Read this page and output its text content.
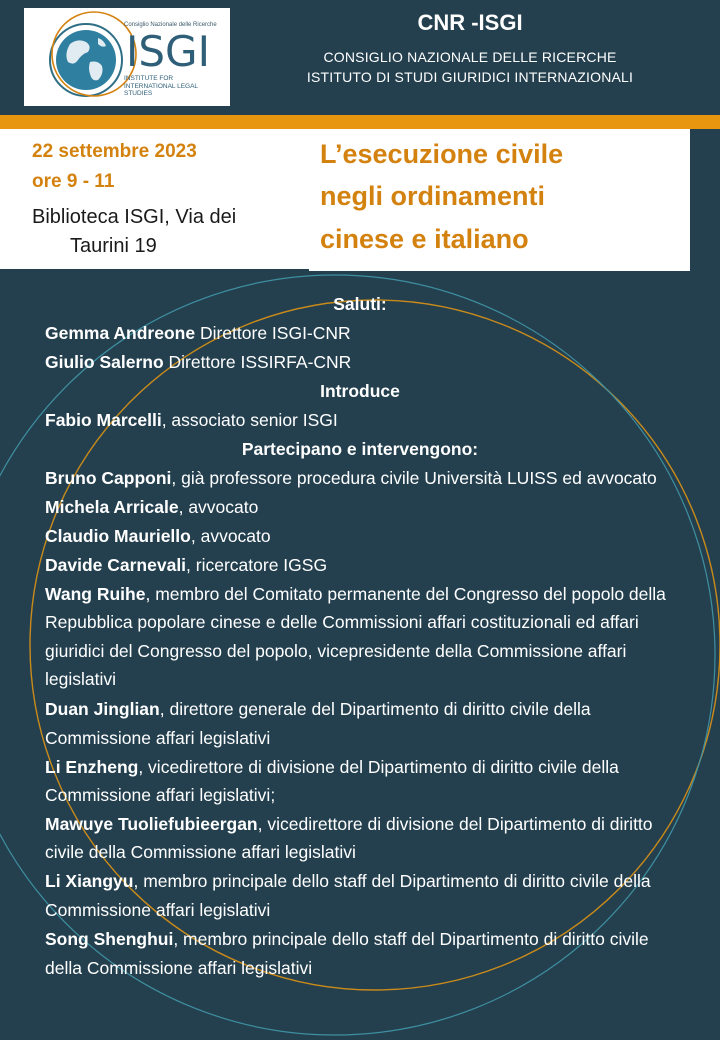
Consiglio Nazionale delle Ricerche
ISGI
INSTITUTE FOR INTERNATIONAL LEGAL STUDIES
CNR -ISGI
CONSIGLIO NAZIONALE DELLE RICERCHE
ISTITUTO DI STUDI GIURIDICI INTERNAZIONALI
22 settembre 2023
ore 9 - 11
Biblioteca ISGI, Via dei
Taurini 19
L’esecuzione civile
negli ordinamenti
cinese e italiano
Saluti:
Gemma Andreone Direttore ISGI-CNR
Giulio Salerno Direttore ISSIRFA-CNR
Introduce
Fabio Marcelli, associato senior ISGI
Partecipano e intervengono:
Bruno Capponi, già professore procedura civile Università LUISS ed avvocato
Michela Arricale, avvocato
Claudio Mauriello, avvocato
Davide Carnevali, ricercatore IGSG
Wang Ruihe, membro del Comitato permanente del Congresso del popolo della
Repubblica popolare cinese e delle Commissioni affari costituzionali ed affari
giuridici del Congresso del popolo, vicepresidente della Commissione affari
legislativi
Duan Jinglian, direttore generale del Dipartimento di diritto civile della
Commissione affari legislativi
Li Enzheng, vicedirettore di divisione del Dipartimento di diritto civile della
Commissione affari legislativi;
Mawuye Tuoliefubieergan, vicedirettore di divisione del Dipartimento di diritto
civile della Commissione affari legislativi
Li Xiangyu, membro principale dello staff del Dipartimento di diritto civile della
Commissione affari legislativi
Song Shenghui, membro principale dello staff del Dipartimento di diritto civile
della Commissione affari legislativi
